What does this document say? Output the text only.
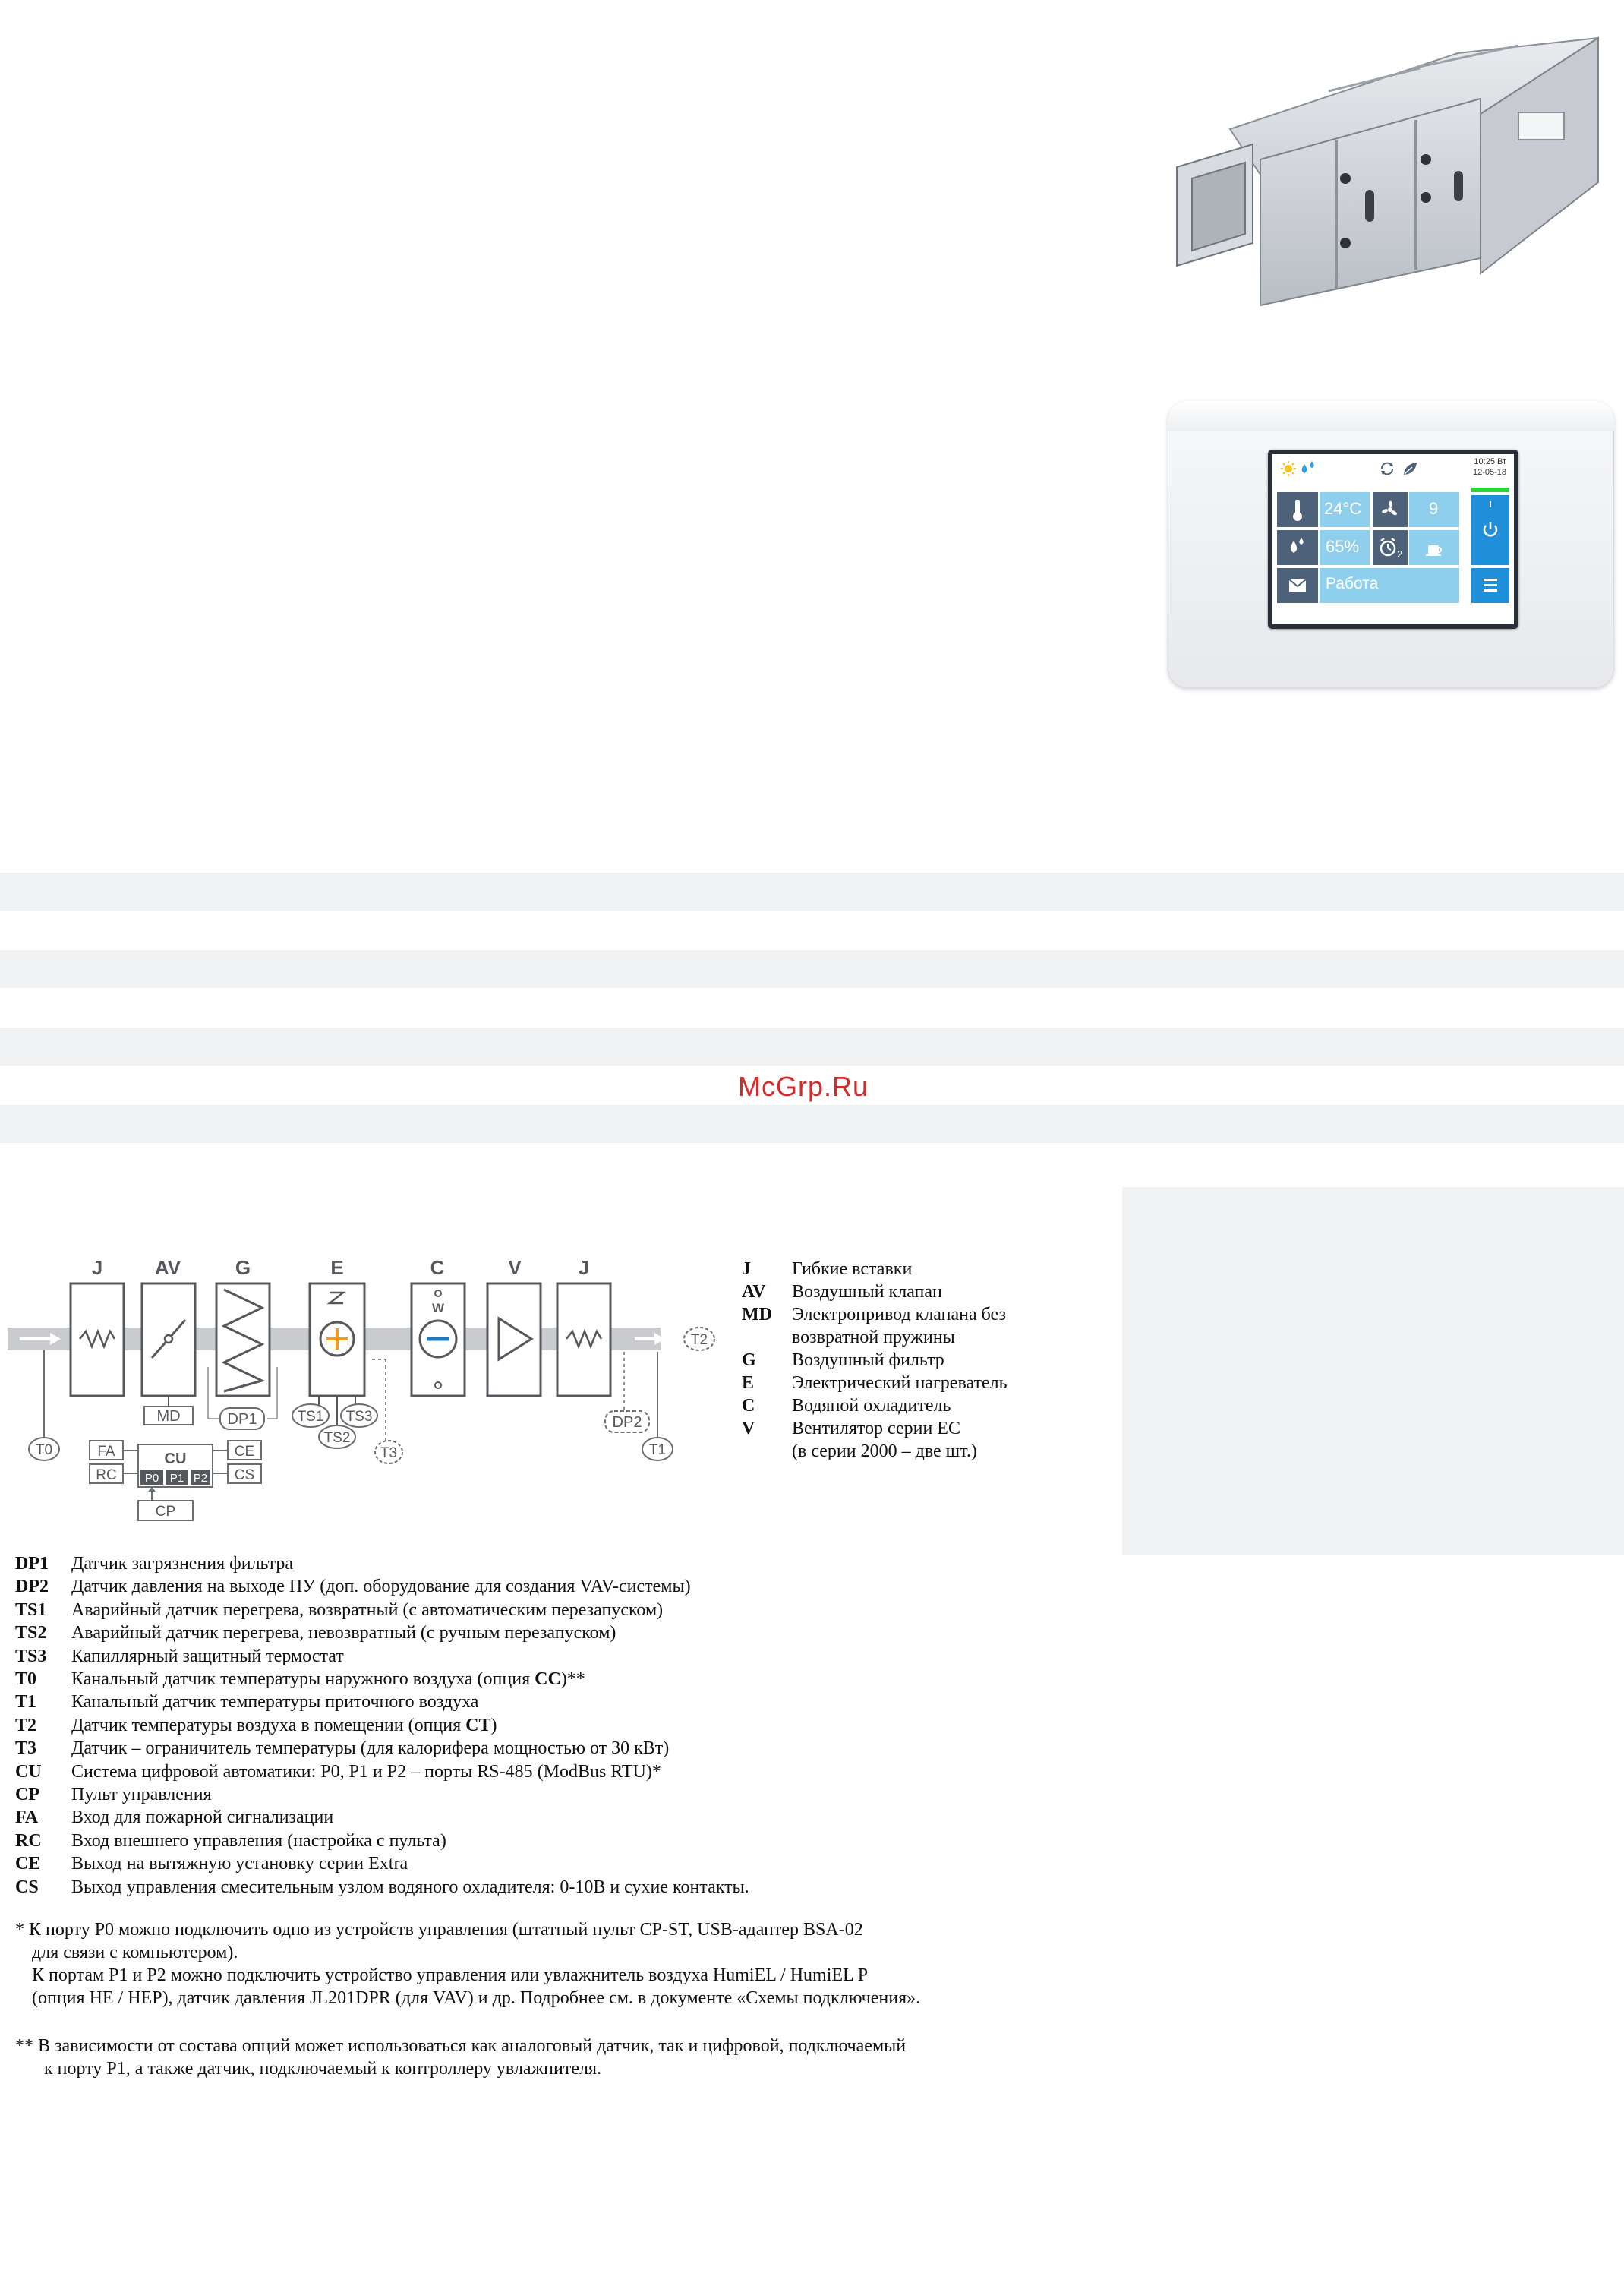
10:25 Вт
12-05-18
24°C	9
65%	2
Работа
McGrp.Ru
J	AV	G	E	C	V	J
MD	DP1	TS1 TS3
TS2
T3
W
DP2
T1
T2
T0
CU
P0 P1 P2
FA
RC
CE
CS
CP
J	Гибкие вставки
AV	Воздушный клапан
MD	Электропривод клапана без возвратной пружины
G	Воздушный фильтр
E	Электрический нагреватель
C	Водяной охладитель
V	Вентилятор серии EC
(в серии 2000 – две шт.)
DP1	Датчик загрязнения фильтра
DP2	Датчик давления на выходе ПУ (доп. оборудование для создания VAV-системы)
TS1	Аварийный датчик перегрева, возвратный (с автоматическим перезапуском)
TS2	Аварийный датчик перегрева, невозвратный (с ручным перезапуском)
TS3	Капиллярный защитный термостат
T0	Канальный датчик температуры наружного воздуха (опция CC)**
T1	Канальный датчик температуры приточного воздуха
T2	Датчик температуры воздуха в помещении (опция CT)
T3	Датчик – ограничитель температуры (для калорифера мощностью от 30 кВт)
CU	Система цифровой автоматики: P0, P1 и P2 – порты RS-485 (ModBus RTU)*
CP	Пульт управления
FA	Вход для пожарной сигнализации
RC	Вход внешнего управления (настройка с пульта)
CE	Выход на вытяжную установку серии Extra
CS	Выход управления смесительным узлом водяного охладителя: 0-10В и сухие контакты.

* К порту P0 можно подключить одно из устройств управления (штатный пульт CP-ST, USB-адаптер BSA-02

для связи с компьютером).

К портам P1 и P2 можно подключить устройство управления или увлажнитель воздуха HumiEL / HumiEL P

(опция HE / HEP), датчик давления JL201DPR (для VAV) и др. Подробнее см. в документе «Схемы подключения».

** В зависимости от состава опций может использоваться как аналоговый датчик, так и цифровой, подключаемый

к порту P1, а также датчик, подключаемый к контроллеру увлажнителя.
